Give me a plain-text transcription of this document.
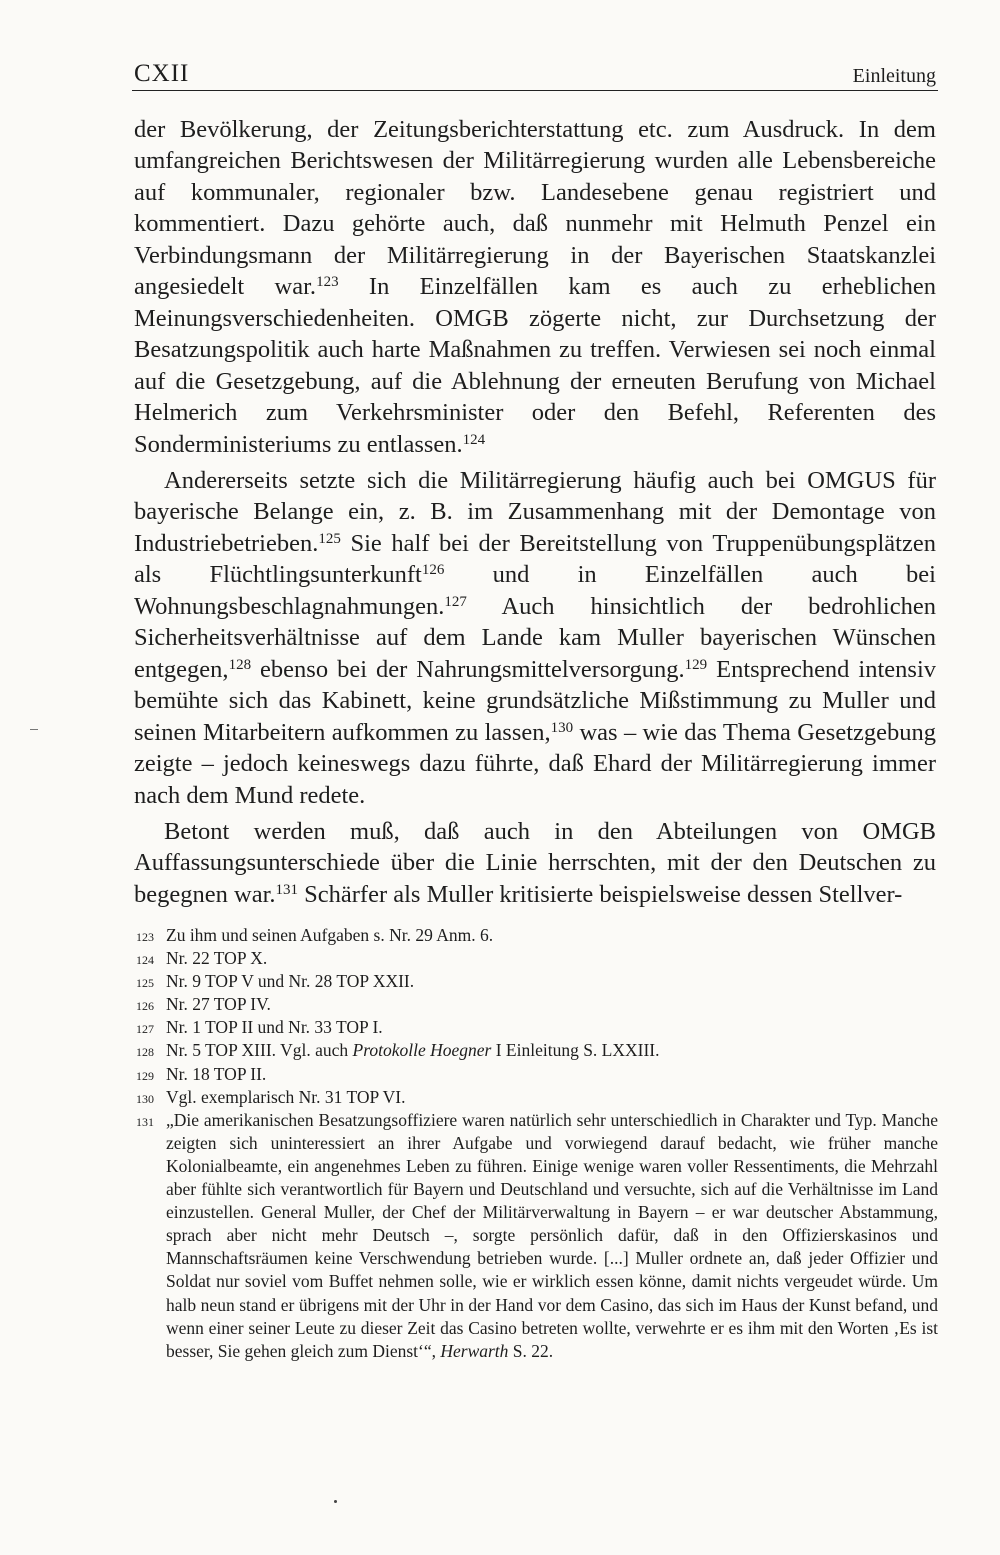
CXII	Einleitung

der Bevölkerung, der Zeitungsberichterstattung etc. zum Ausdruck. In dem umfangreichen Berichtswesen der Militärregierung wurden alle Lebensbereiche auf kommunaler, regionaler bzw. Landesebene genau registriert und kommentiert. Dazu gehörte auch, daß nunmehr mit Helmuth Penzel ein Verbindungsmann der Militärregierung in der Bayerischen Staatskanzlei angesiedelt war.$^{123}$ In Einzelfällen kam es auch zu erheblichen Meinungsverschiedenheiten. OMGB zögerte nicht, zur Durchsetzung der Besatzungspolitik auch harte Maßnahmen zu treffen. Verwiesen sei noch einmal auf die Gesetzgebung, auf die Ablehnung der erneuten Berufung von Michael Helmerich zum Verkehrsminister oder den Befehl, Referenten des Sonderministeriums zu entlassen.$^{124}$

Andererseits setzte sich die Militärregierung häufig auch bei OMGUS für bayerische Belange ein, z. B. im Zusammenhang mit der Demontage von Industriebetrieben.$^{125}$ Sie half bei der Bereitstellung von Truppenübungsplätzen als Flüchtlingsunterkunft$^{126}$ und in Einzelfällen auch bei Wohnungsbeschlagnahmungen.$^{127}$ Auch hinsichtlich der bedrohlichen Sicherheitsverhältnisse auf dem Lande kam Muller bayerischen Wünschen entgegen,$^{128}$ ebenso bei der Nahrungsmittelversorgung.$^{129}$ Entsprechend intensiv bemühte sich das Kabinett, keine grundsätzliche Mißstimmung zu Muller und seinen Mitarbeitern aufkommen zu lassen,$^{130}$ was – wie das Thema Gesetzgebung zeigte – jedoch keineswegs dazu führte, daß Ehard der Militärregierung immer nach dem Mund redete.

Betont werden muß, daß auch in den Abteilungen von OMGB Auffassungsunterschiede über die Linie herrschten, mit der den Deutschen zu begegnen war.$^{131}$ Schärfer als Muller kritisierte beispielsweise dessen Stellver-

123 Zu ihm und seinen Aufgaben s. Nr. 29 Anm. 6.
124 Nr. 22 TOP X.
125 Nr. 9 TOP V und Nr. 28 TOP XXII.
126 Nr. 27 TOP IV.
127 Nr. 1 TOP II und Nr. 33 TOP I.
128 Nr. 5 TOP XIII. Vgl. auch Protokolle Hoegner I Einleitung S. LXXIII.
129 Nr. 18 TOP II.
130 Vgl. exemplarisch Nr. 31 TOP VI.
131 „Die amerikanischen Besatzungsoffiziere waren natürlich sehr unterschiedlich in Charakter und Typ. Manche zeigten sich uninteressiert an ihrer Aufgabe und vorwiegend darauf bedacht, wie früher manche Kolonialbeamte, ein angenehmes Leben zu führen. Einige wenige waren voller Ressentiments, die Mehrzahl aber fühlte sich verantwortlich für Bayern und Deutschland und versuchte, sich auf die Verhältnisse im Land einzustellen. General Muller, der Chef der Militärverwaltung in Bayern – er war deutscher Abstammung, sprach aber nicht mehr Deutsch –, sorgte persönlich dafür, daß in den Offizierskasinos und Mannschaftsräumen keine Verschwendung betrieben wurde. [...] Muller ordnete an, daß jeder Offizier und Soldat nur soviel vom Buffet nehmen solle, wie er wirklich essen könne, damit nichts vergeudet würde. Um halb neun stand er übrigens mit der Uhr in der Hand vor dem Casino, das sich im Haus der Kunst befand, und wenn einer seiner Leute zu dieser Zeit das Casino betreten wollte, verwehrte er es ihm mit den Worten ‚Es ist besser, Sie gehen gleich zum Dienst‘“, Herwarth S. 22.
